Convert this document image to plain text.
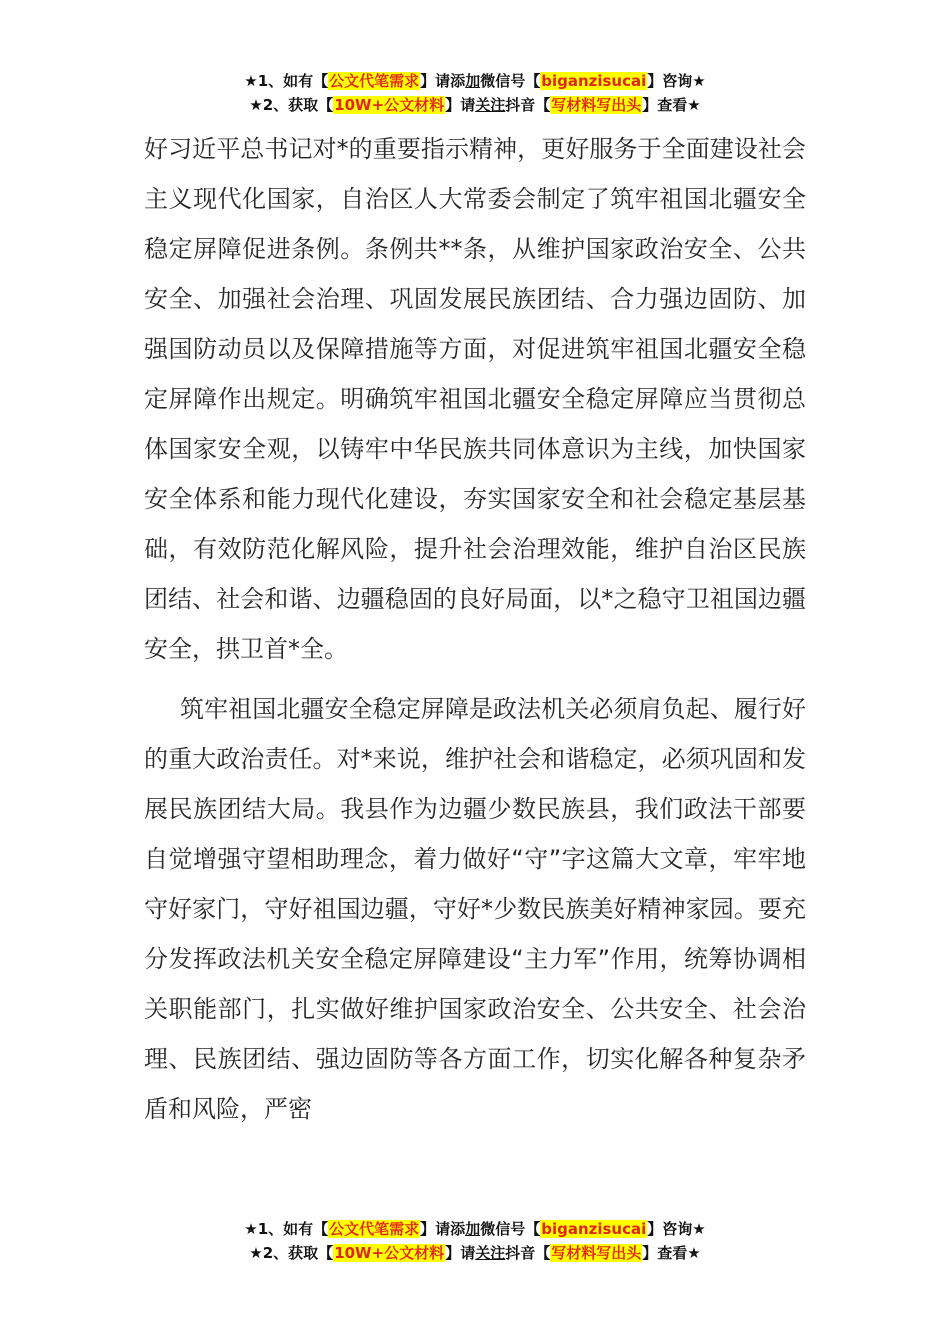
★1、如有【公文代笔需求】请添加微信号【biganzisucai】咨询★
★2、获取【10W+公文材料】请关注抖音【写材料写出头】查看★

好习近平总书记对*的重要指示精神，更好服务于全面建设社会主义现代化国家，自治区人大常委会制定了筑牢祖国北疆安全稳定屏障促进条例。条例共**条，从维护国家政治安全、公共安全、加强社会治理、巩固发展民族团结、合力强边固防、加强国防动员以及保障措施等方面，对促进筑牢祖国北疆安全稳定屏障作出规定。明确筑牢祖国北疆安全稳定屏障应当贯彻总体国家安全观，以铸牢中华民族共同体意识为主线，加快国家安全体系和能力现代化建设，夯实国家安全和社会稳定基层基础，有效防范化解风险，提升社会治理效能，维护自治区民族团结、社会和谐、边疆稳固的良好局面，以*之稳守卫祖国边疆安全，拱卫首*全。

筑牢祖国北疆安全稳定屏障是政法机关必须肩负起、履行好的重大政治责任。对*来说，维护社会和谐稳定，必须巩固和发展民族团结大局。我县作为边疆少数民族县，我们政法干部要自觉增强守望相助理念，着力做好“守”字这篇大文章，牢牢地守好家门，守好祖国边疆，守好*少数民族美好精神家园。要充分发挥政法机关安全稳定屏障建设“主力军”作用，统筹协调相关职能部门，扎实做好维护国家政治安全、公共安全、社会治理、民族团结、强边固防等各方面工作，切实化解各种复杂矛盾和风险，严密

★1、如有【公文代笔需求】请添加微信号【biganzisucai】咨询★
★2、获取【10W+公文材料】请关注抖音【写材料写出头】查看★
